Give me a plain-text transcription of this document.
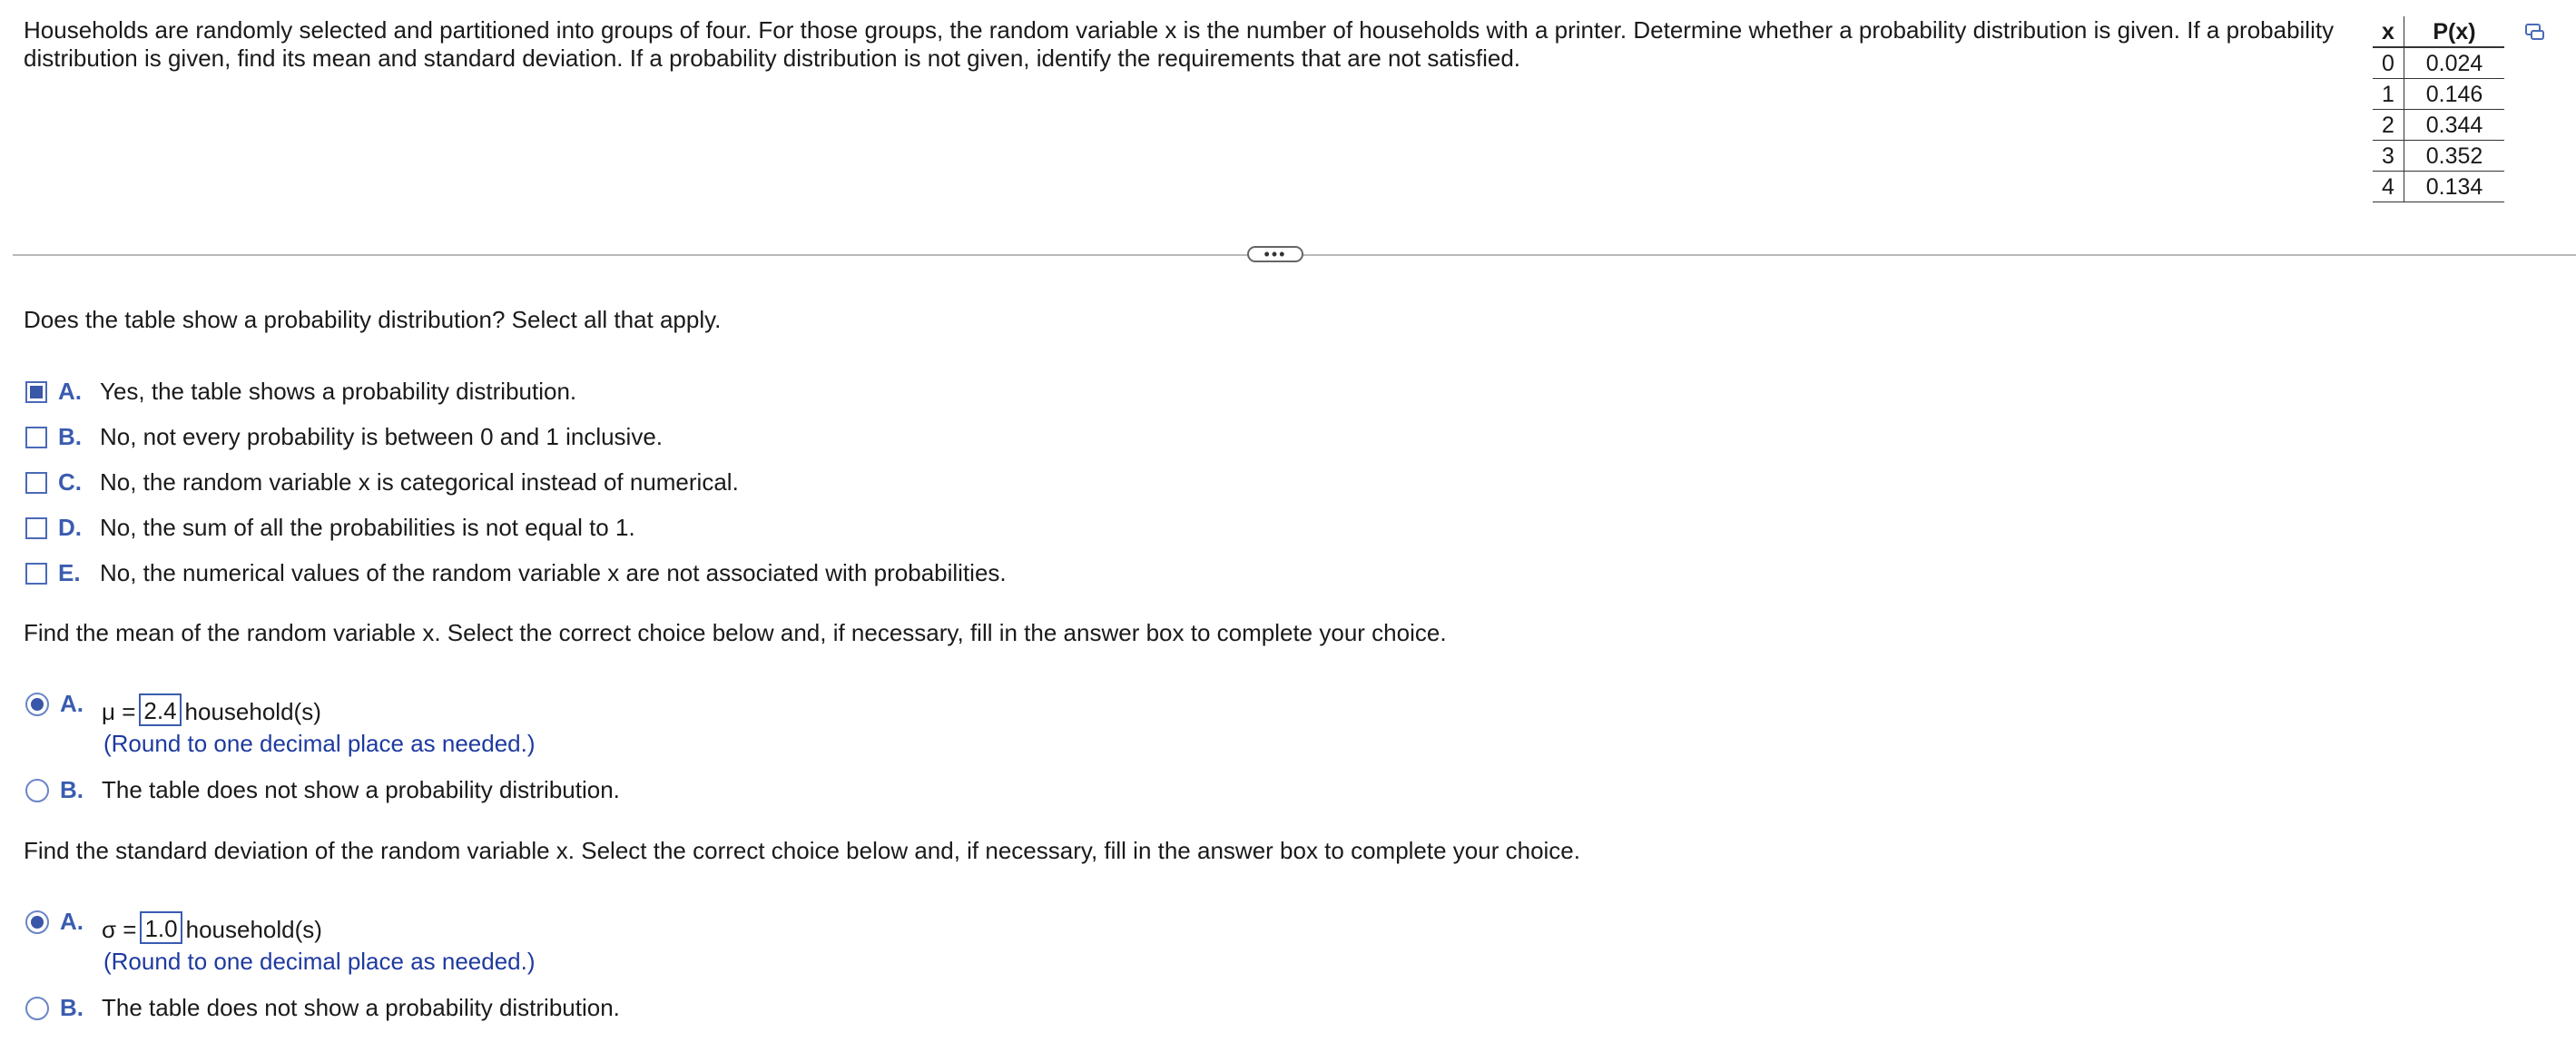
Households are randomly selected and partitioned into groups of four. For those groups, the random variable x is the number of households with a printer. Determine whether a probability distribution is given. If a probability distribution is given, find its mean and standard deviation. If a probability distribution is not given, identify the requirements that are not satisfied.
x	P(x)
0	0.024
1	0.146
2	0.344
3	0.352
4	0.134
•••
Does the table show a probability distribution? Select all that apply.
A. Yes, the table shows a probability distribution.
B. No, not every probability is between 0 and 1 inclusive.
C. No, the random variable x is categorical instead of numerical.
D. No, the sum of all the probabilities is not equal to 1.
E. No, the numerical values of the random variable x are not associated with probabilities.
Find the mean of the random variable x. Select the correct choice below and, if necessary, fill in the answer box to complete your choice.
A. μ = 2.4 household(s)
(Round to one decimal place as needed.)
B. The table does not show a probability distribution.
Find the standard deviation of the random variable x. Select the correct choice below and, if necessary, fill in the answer box to complete your choice.
A. σ = 1.0 household(s)
(Round to one decimal place as needed.)
B. The table does not show a probability distribution.
